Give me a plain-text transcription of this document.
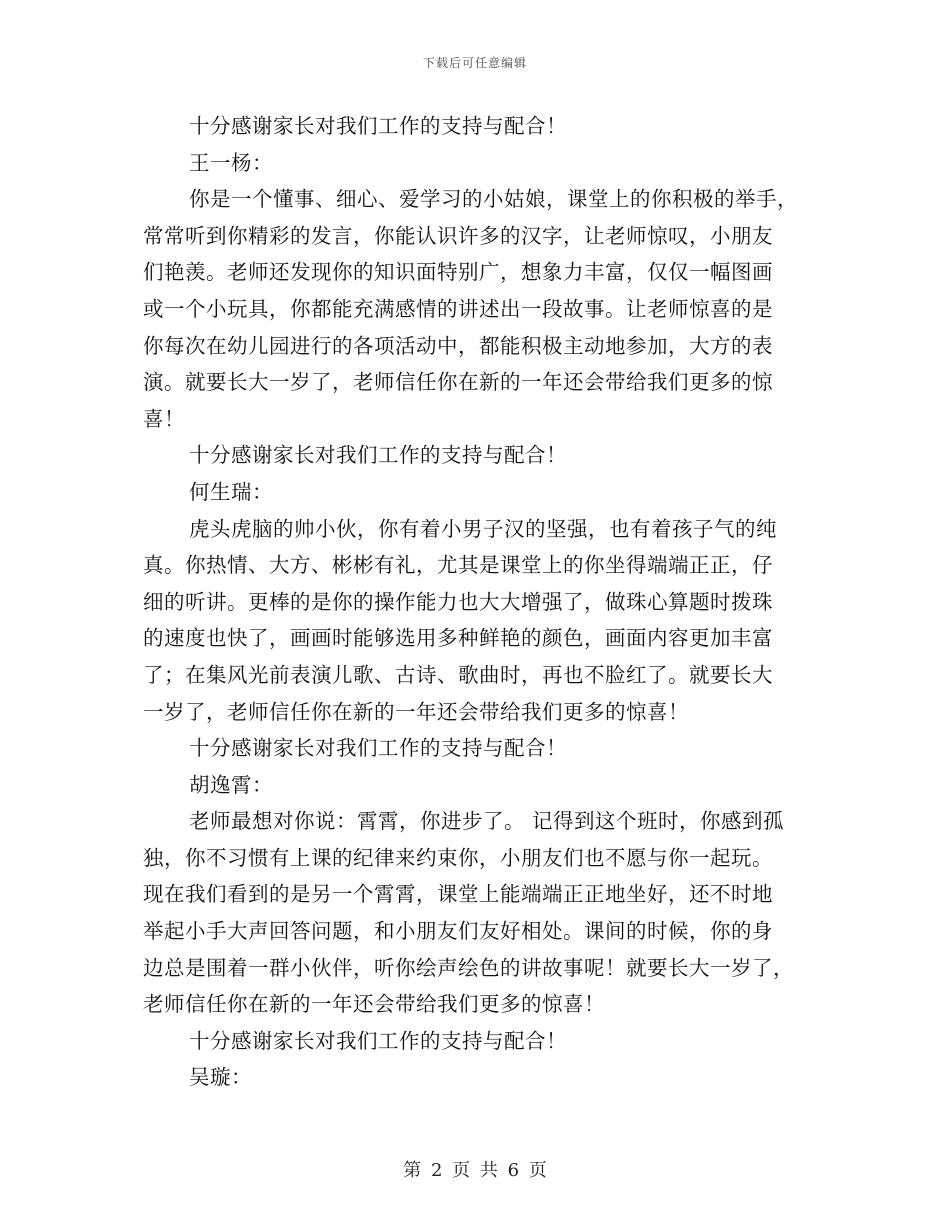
下载后可任意编辑
十分感谢家长对我们工作的支持与配合！
王一杨：
你是一个懂事、细心、爱学习的小姑娘，课堂上的你积极的举手，
常常听到你精彩的发言，你能认识许多的汉字，让老师惊叹，小朋友
们艳羡。老师还发现你的知识面特别广，想象力丰富，仅仅一幅图画
或一个小玩具，你都能充满感情的讲述出一段故事。让老师惊喜的是
你每次在幼儿园进行的各项活动中，都能积极主动地参加，大方的表
演。就要长大一岁了，老师信任你在新的一年还会带给我们更多的惊
喜！
十分感谢家长对我们工作的支持与配合！
何生瑞：
虎头虎脑的帅小伙，你有着小男子汉的坚强，也有着孩子气的纯
真。你热情、大方、彬彬有礼，尤其是课堂上的你坐得端端正正，仔
细的听讲。更棒的是你的操作能力也大大增强了，做珠心算题时拨珠
的速度也快了，画画时能够选用多种鲜艳的颜色，画面内容更加丰富
了；在集风光前表演儿歌、古诗、歌曲时，再也不脸红了。就要长大
一岁了，老师信任你在新的一年还会带给我们更多的惊喜！
十分感谢家长对我们工作的支持与配合！
胡逸霄：
老师最想对你说：霄霄，你进步了。 记得到这个班时，你感到孤
独，你不习惯有上课的纪律来约束你，小朋友们也不愿与你一起玩。
现在我们看到的是另一个霄霄，课堂上能端端正正地坐好，还不时地
举起小手大声回答问题，和小朋友们友好相处。课间的时候，你的身
边总是围着一群小伙伴，听你绘声绘色的讲故事呢！就要长大一岁了，
老师信任你在新的一年还会带给我们更多的惊喜！
十分感谢家长对我们工作的支持与配合！
吴璇：
第 2 页 共 6 页
